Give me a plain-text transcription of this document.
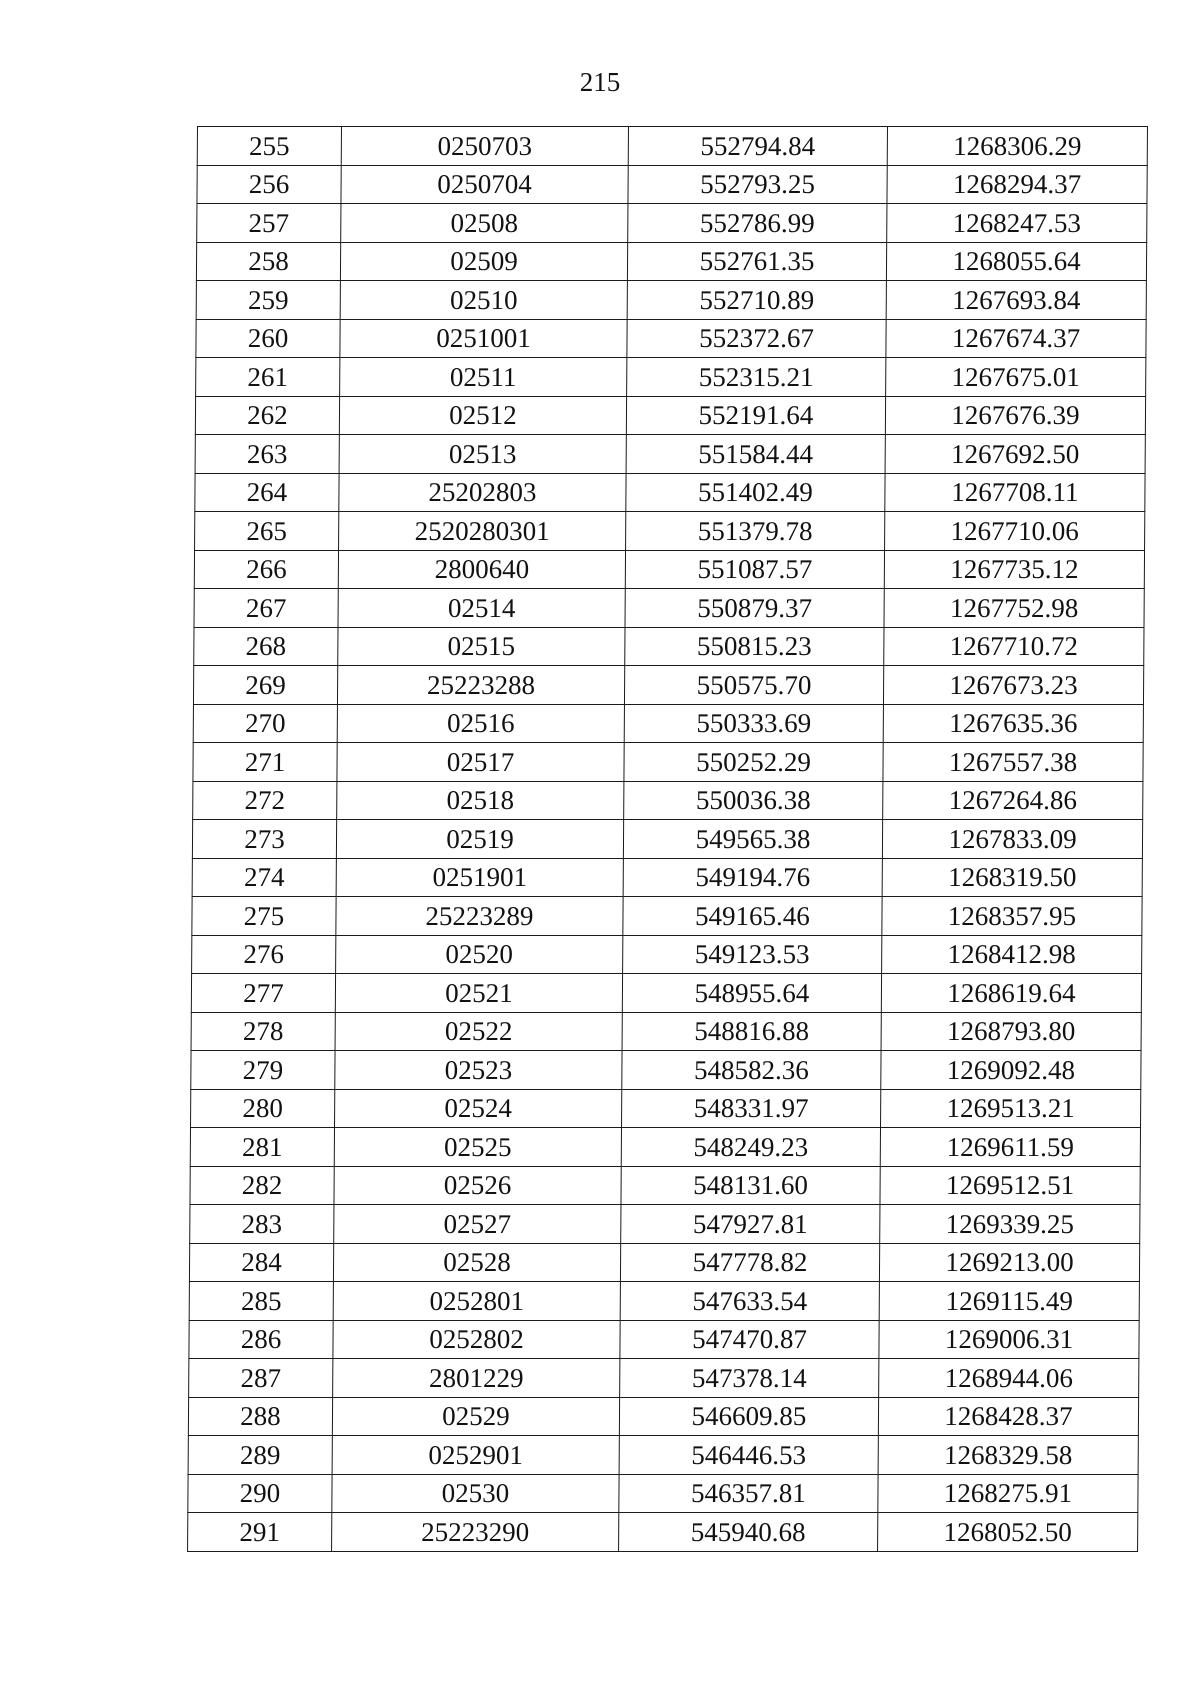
215
255	0250703	552794.84	1268306.29
256	0250704	552793.25	1268294.37
257	02508	552786.99	1268247.53
258	02509	552761.35	1268055.64
259	02510	552710.89	1267693.84
260	0251001	552372.67	1267674.37
261	02511	552315.21	1267675.01
262	02512	552191.64	1267676.39
263	02513	551584.44	1267692.50
264	25202803	551402.49	1267708.11
265	2520280301	551379.78	1267710.06
266	2800640	551087.57	1267735.12
267	02514	550879.37	1267752.98
268	02515	550815.23	1267710.72
269	25223288	550575.70	1267673.23
270	02516	550333.69	1267635.36
271	02517	550252.29	1267557.38
272	02518	550036.38	1267264.86
273	02519	549565.38	1267833.09
274	0251901	549194.76	1268319.50
275	25223289	549165.46	1268357.95
276	02520	549123.53	1268412.98
277	02521	548955.64	1268619.64
278	02522	548816.88	1268793.80
279	02523	548582.36	1269092.48
280	02524	548331.97	1269513.21
281	02525	548249.23	1269611.59
282	02526	548131.60	1269512.51
283	02527	547927.81	1269339.25
284	02528	547778.82	1269213.00
285	0252801	547633.54	1269115.49
286	0252802	547470.87	1269006.31
287	2801229	547378.14	1268944.06
288	02529	546609.85	1268428.37
289	0252901	546446.53	1268329.58
290	02530	546357.81	1268275.91
291	25223290	545940.68	1268052.50
